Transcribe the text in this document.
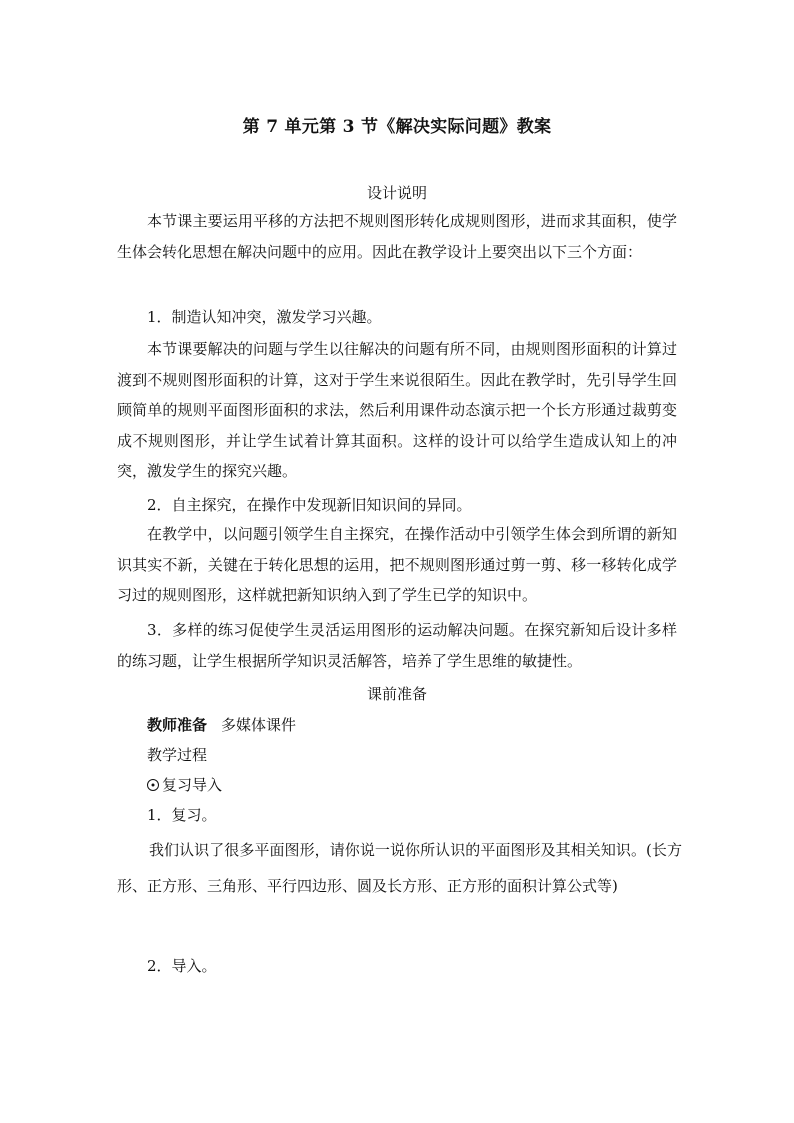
第 7 单元第 3 节《解决实际问题》教案
设计说明
本节课主要运用平移的方法把不规则图形转化成规则图形，进而求其面积，使学生体会转化思想在解决问题中的应用。因此在教学设计上要突出以下三个方面：
1．制造认知冲突，激发学习兴趣。
本节课要解决的问题与学生以往解决的问题有所不同，由规则图形面积的计算过渡到不规则图形面积的计算，这对于学生来说很陌生。因此在教学时，先引导学生回顾简单的规则平面图形面积的求法，然后利用课件动态演示把一个长方形通过裁剪变成不规则图形，并让学生试着计算其面积。这样的设计可以给学生造成认知上的冲突，激发学生的探究兴趣。
2．自主探究，在操作中发现新旧知识间的异同。
在教学中，以问题引领学生自主探究，在操作活动中引领学生体会到所谓的新知识其实不新，关键在于转化思想的运用，把不规则图形通过剪一剪、移一移转化成学习过的规则图形，这样就把新知识纳入到了学生已学的知识中。
3．多样的练习促使学生灵活运用图形的运动解决问题。在探究新知后设计多样的练习题，让学生根据所学知识灵活解答，培养了学生思维的敏捷性。
课前准备
教师准备 多媒体课件
教学过程
复习导入
1．复习。
我们认识了很多平面图形，请你说一说你所认识的平面图形及其相关知识。(长方形、正方形、三角形、平行四边形、圆及长方形、正方形的面积计算公式等)
2．导入。
